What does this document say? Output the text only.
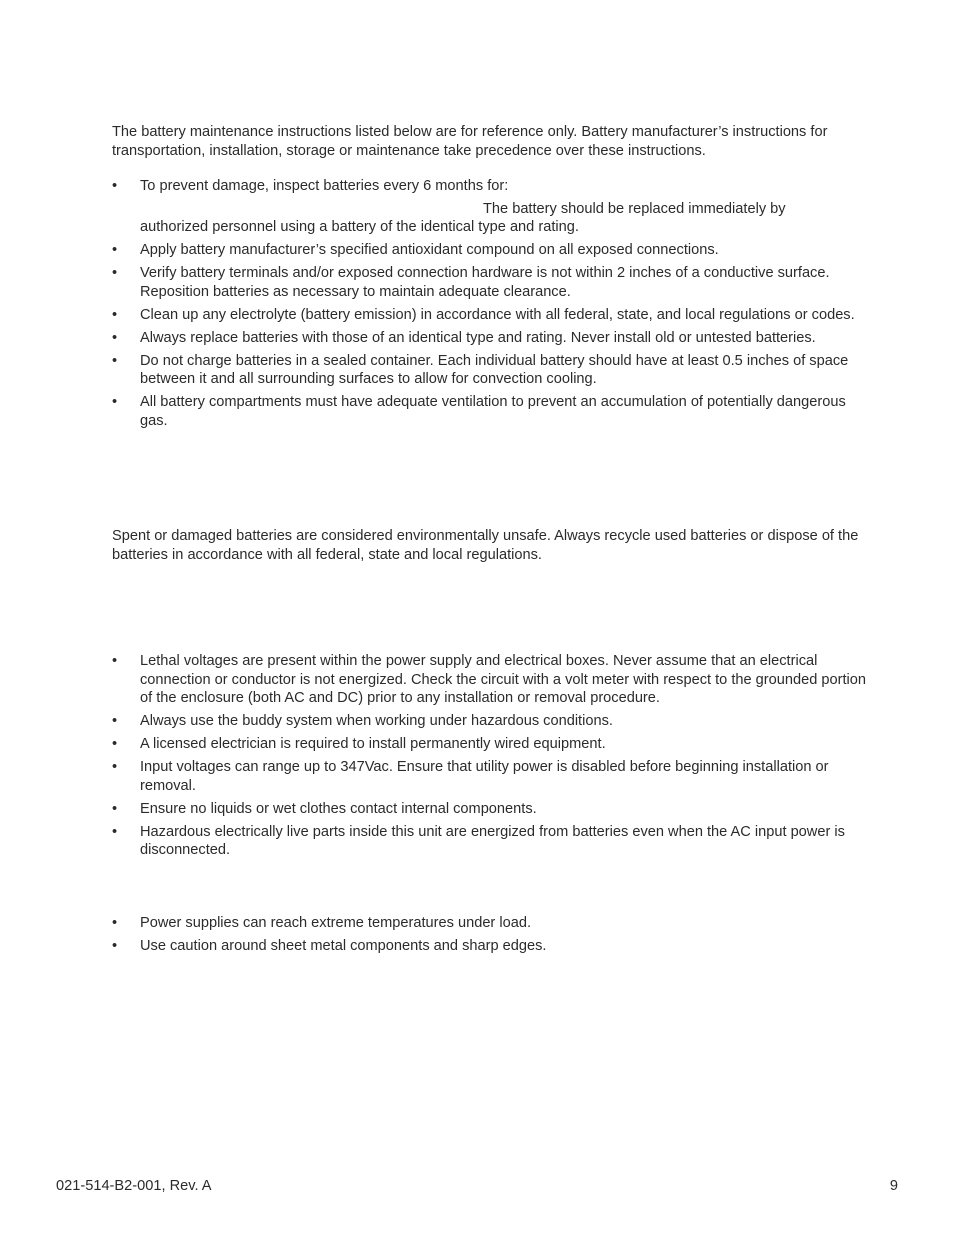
The battery maintenance instructions listed below are for reference only. Battery manufacturer’s instructions for transportation, installation, storage or maintenance take precedence over these instructions.

• To prevent damage, inspect batteries every 6 months for:
The battery should be replaced immediately by
authorized personnel using a battery of the identical type and rating.
• Apply battery manufacturer’s specified antioxidant compound on all exposed connections.
• Verify battery terminals and/or exposed connection hardware is not within 2 inches of a conductive surface. Reposition batteries as necessary to maintain adequate clearance.
• Clean up any electrolyte (battery emission) in accordance with all federal, state, and local regulations or codes.
• Always replace batteries with those of an identical type and rating. Never install old or untested batteries.
• Do not charge batteries in a sealed container. Each individual battery should have at least 0.5 inches of space between it and all surrounding surfaces to allow for convection cooling.
• All battery compartments must have adequate ventilation to prevent an accumulation of potentially dangerous gas.

Spent or damaged batteries are considered environmentally unsafe. Always recycle used batteries or dispose of the batteries in accordance with all federal, state and local regulations.

• Lethal voltages are present within the power supply and electrical boxes. Never assume that an electrical connection or conductor is not energized. Check the circuit with a volt meter with respect to the grounded portion of the enclosure (both AC and DC) prior to any installation or removal procedure.
• Always use the buddy system when working under hazardous conditions.
• A licensed electrician is required to install permanently wired equipment.
• Input voltages can range up to 347Vac. Ensure that utility power is disabled before beginning installation or removal.
• Ensure no liquids or wet clothes contact internal components.
• Hazardous electrically live parts inside this unit are energized from batteries even when the AC input power is disconnected.
• Power supplies can reach extreme temperatures under load.
• Use caution around sheet metal components and sharp edges.
021-514-B2-001, Rev. A	9
